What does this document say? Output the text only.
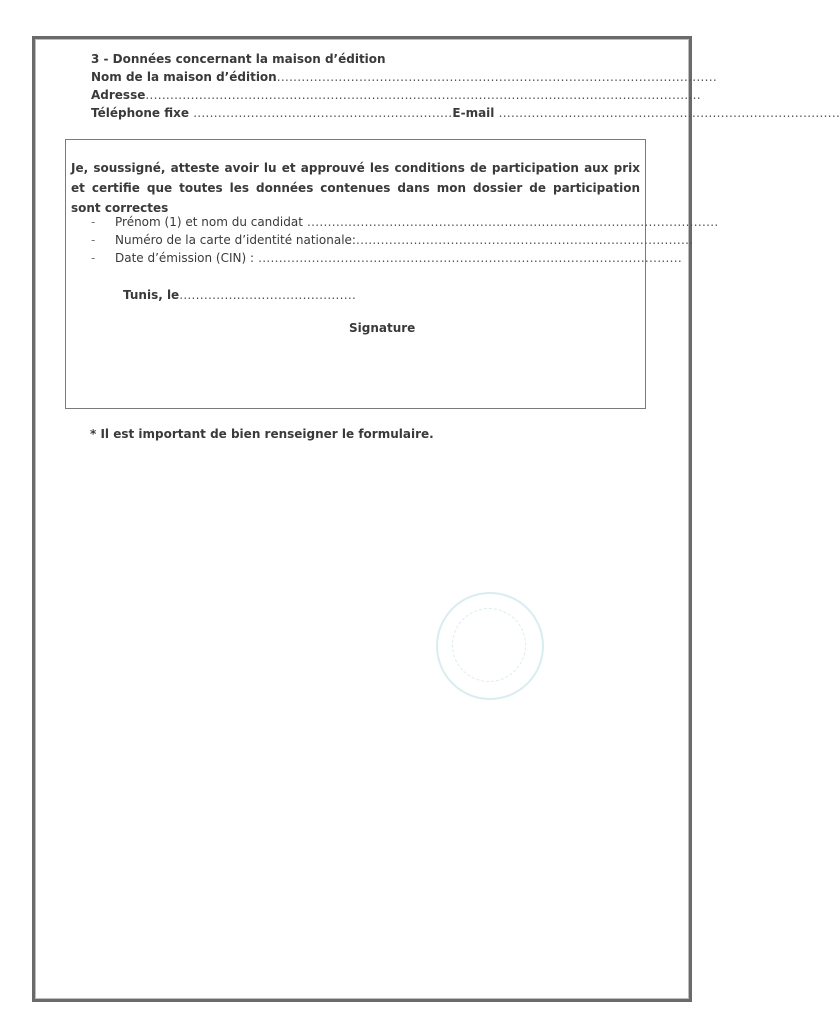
3 - Données concernant la maison d’édition
Nom de la maison d’édition...........................................................................................................
Adresse.......................................................................................................................................
Téléphone fixe ...............................................................E-mail ...................................................................................
Je, soussigné, atteste avoir lu et approuvé les conditions de participation aux prix et certifie que toutes les données contenues dans mon dossier de participation sont correctes
- Prénom (1) et nom du candidat ....................................................................................................
- Numéro de la carte d’identité nationale:..................................................................................
- Date d’émission (CIN) : .......................................................................................................
Tunis, le...........................................
Signature
* Il est important de bien renseigner le formulaire.
